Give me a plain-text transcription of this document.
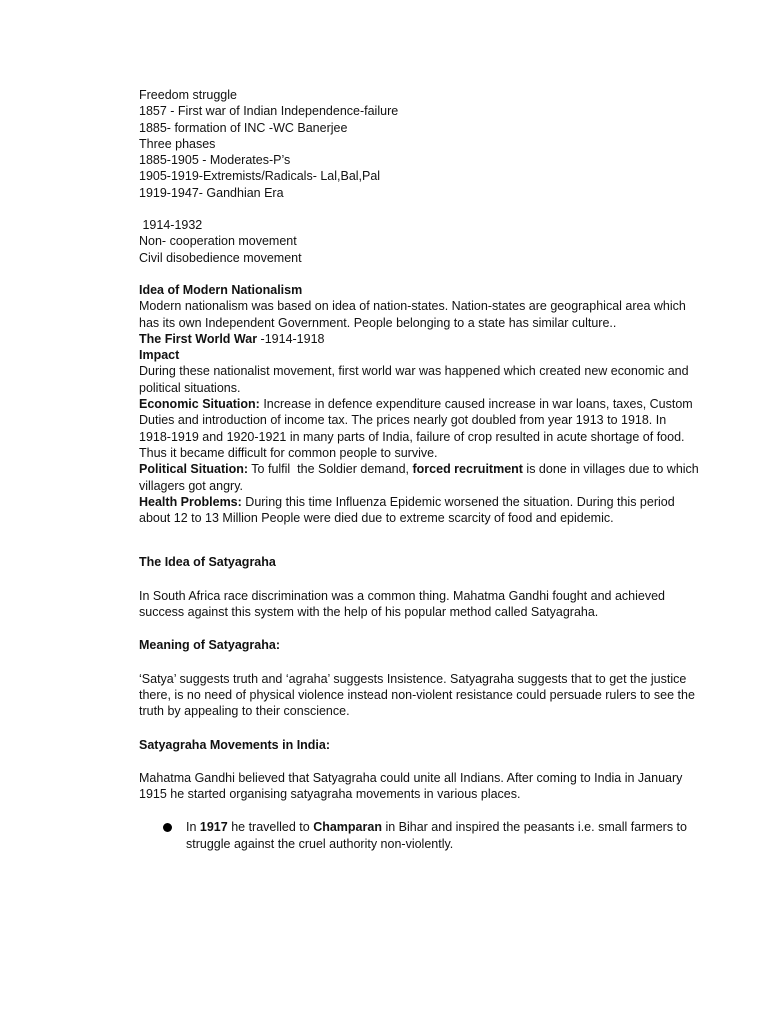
Freedom struggle

1857 - First war of Indian Independence-failure

1885- formation of INC -WC Banerjee

Three phases

1885-1905 - Moderates-P’s

1905-1919-Extremists/Radicals- Lal,Bal,Pal

1919-1947- Gandhian Era

1914-1932

Non- cooperation movement

Civil disobedience movement

Idea of Modern Nationalism

Modern nationalism was based on idea of nation-states. Nation-states are geographical area which has its own Independent Government. People belonging to a state has similar culture..

The First World War -1914-1918

Impact

During these nationalist movement, first world war was happened which created new economic and political situations.

Economic Situation: Increase in defence expenditure caused increase in war loans, taxes, Custom Duties and introduction of income tax. The prices nearly got doubled from year 1913 to 1918. In 1918-1919 and 1920-1921 in many parts of India, failure of crop resulted in acute shortage of food. Thus it became difficult for common people to survive.

Political Situation: To fulfil  the Soldier demand, forced recruitment is done in villages due to which villagers got angry.

Health Problems: During this time Influenza Epidemic worsened the situation. During this period about 12 to 13 Million People were died due to extreme scarcity of food and epidemic.

The Idea of Satyagraha

In South Africa race discrimination was a common thing. Mahatma Gandhi fought and achieved success against this system with the help of his popular method called Satyagraha.

Meaning of Satyagraha:

‘Satya’ suggests truth and ‘agraha’ suggests Insistence. Satyagraha suggests that to get the justice there, is no need of physical violence instead non-violent resistance could persuade rulers to see the truth by appealing to their conscience.

Satyagraha Movements in India:

Mahatma Gandhi believed that Satyagraha could unite all Indians. After coming to India in January 1915 he started organising satyagraha movements in various places.

In 1917 he travelled to Champaran in Bihar and inspired the peasants i.e. small farmers to struggle against the cruel authority non-violently.
